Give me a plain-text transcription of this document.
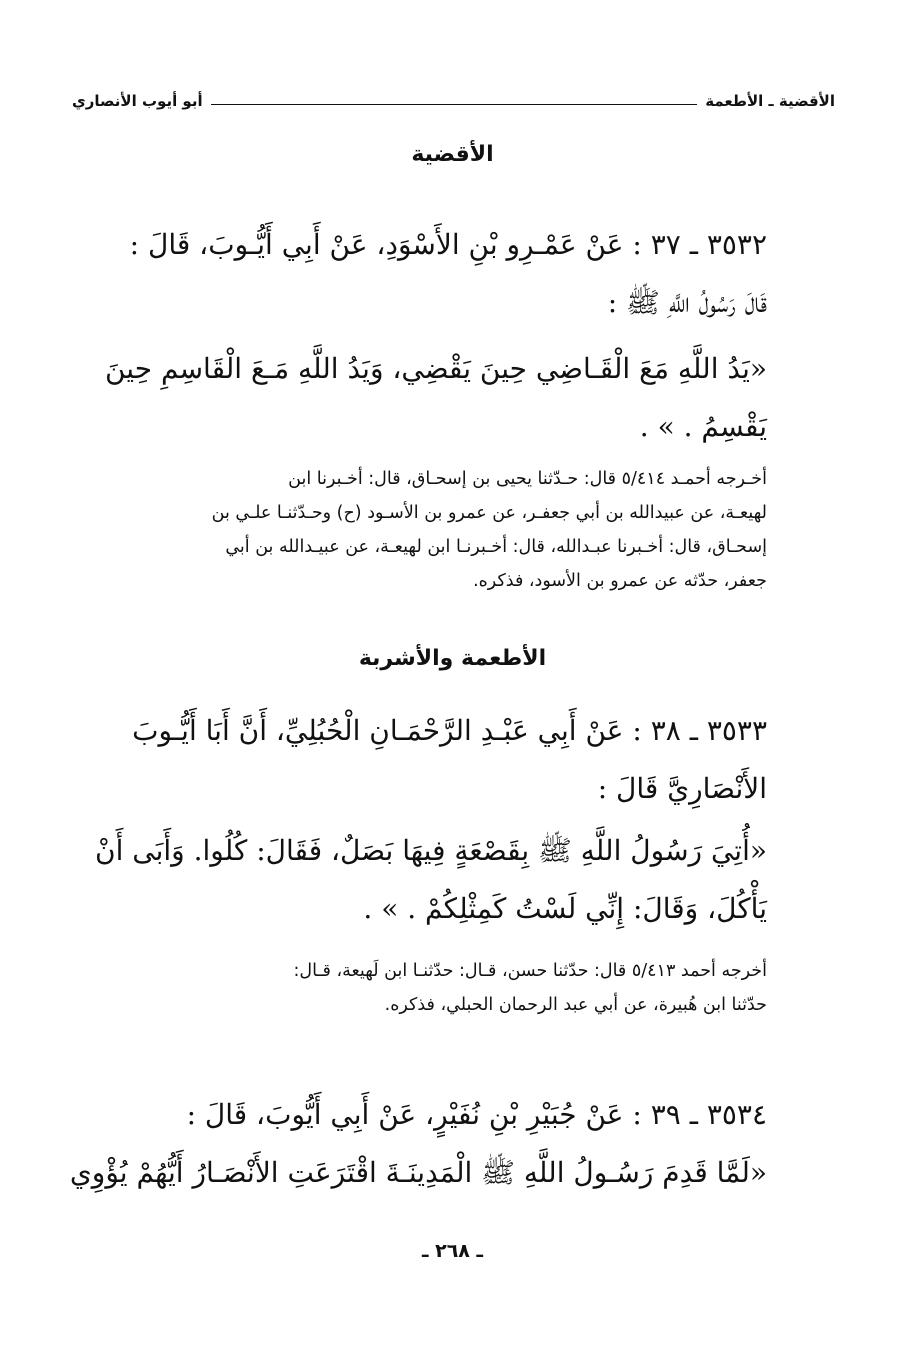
الأقضية ـ الأطعمة
أبو أيوب الأنصاري
الأقضية

٣٥٣٢ ـ ٣٧ : عَنْ عَمْـرِو بْنِ الأَسْوَدِ، عَنْ أَبِي أَيُّـوبَ، قَالَ :

قَالَ رَسُولُ اللَّهِ ﷺ :

«يَدُ اللَّهِ مَعَ الْقَـاضِي حِينَ يَقْضِي، وَيَدُ اللَّهِ مَـعَ الْقَاسِمِ حِينَ

يَقْسِمُ . » .

أخـرجه أحمـد ٥/٤١٤ قال: حـدّثنا يحيى بن إسحـاق، قال: أخـبرنا ابن

لهيعـة، عن عبيدالله بن أبي جعفـر، عن عمرو بن الأسـود (ح) وحـدّثنـا علـي بن

إسحـاق، قال: أخـبرنا عبـدالله، قال: أخـبرنـا ابن لهيعـة، عن عبيـدالله بن أبي

جعفر، حدّثه عن عمرو بن الأسود، فذكره.

الأطعمة والأشربة

٣٥٣٣ ـ ٣٨ : عَنْ أَبِي عَبْـدِ الرَّحْمَـانِ الْحُبُلِيِّ، أَنَّ أَبَا أَيُّـوبَ

الأَنْصَارِيَّ قَالَ :

«أُتِيَ رَسُولُ اللَّهِ ﷺ بِقَصْعَةٍ فِيهَا بَصَلٌ، فَقَالَ: كُلُوا. وَأَبَى أَنْ

يَأْكُلَ، وَقَالَ: إِنِّي لَسْتُ كَمِثْلِكُمْ . » .

أخرجه أحمد ٥/٤١٣ قال: حدّثنا حسن، قـال: حدّثنـا ابن لَهيعة، قـال:

حدّثنا ابن هُبيرة، عن أبي عبد الرحمان الحبلي، فذكره.

٣٥٣٤ ـ ٣٩ : عَنْ جُبَيْرِ بْنِ نُفَيْرٍ، عَنْ أَبِي أَيُّوبَ، قَالَ :

«لَمَّا قَدِمَ رَسُـولُ اللَّهِ ﷺ الْمَدِينَـةَ اقْتَرَعَتِ الأَنْصَـارُ أَيُّهُمْ يُؤْوِي

ـ ٢٦٨ ـ
